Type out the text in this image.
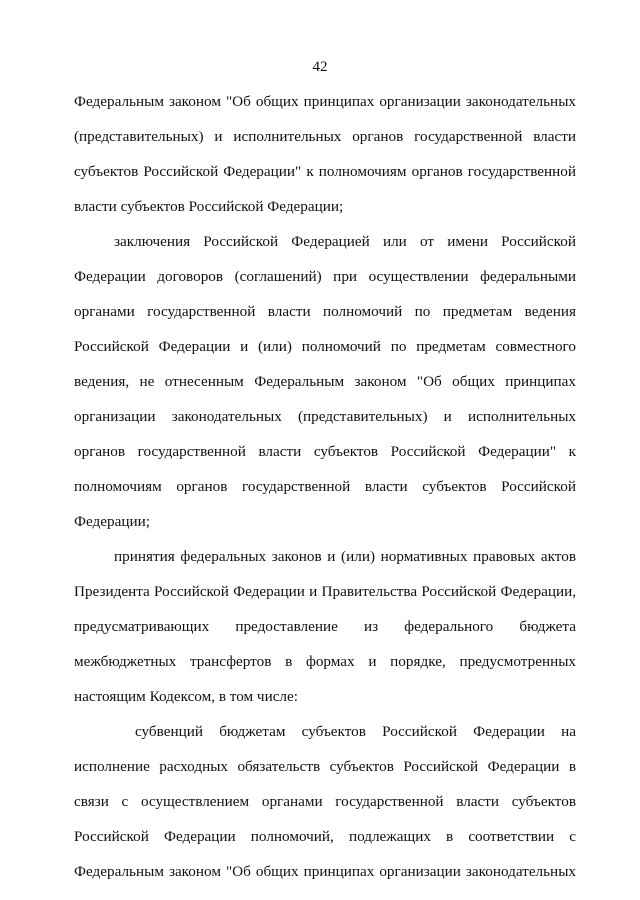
42
Федеральным законом "Об общих принципах организации законодательных
(представительных) и исполнительных органов государственной власти
субъектов Российской Федерации" к полномочиям органов государственной
власти субъектов Российской Федерации;
заключения Российской Федерацией или от имени Российской
Федерации договоров (соглашений) при осуществлении федеральными
органами государственной власти полномочий по предметам ведения
Российской Федерации и (или) полномочий по предметам совместного
ведения, не отнесенным Федеральным законом "Об общих принципах
организации законодательных (представительных) и исполнительных
органов государственной власти субъектов Российской Федерации" к
полномочиям органов государственной власти субъектов Российской
Федерации;
принятия федеральных законов и (или) нормативных правовых актов
Президента Российской Федерации и Правительства Российской Федерации,
предусматривающих предоставление из федерального бюджета
межбюджетных трансфертов в формах и порядке, предусмотренных
настоящим Кодексом, в том числе:
субвенций бюджетам субъектов Российской Федерации на
исполнение расходных обязательств субъектов Российской Федерации в
связи с осуществлением органами государственной власти субъектов
Российской Федерации полномочий, подлежащих в соответствии с
Федеральным законом "Об общих принципах организации законодательных
